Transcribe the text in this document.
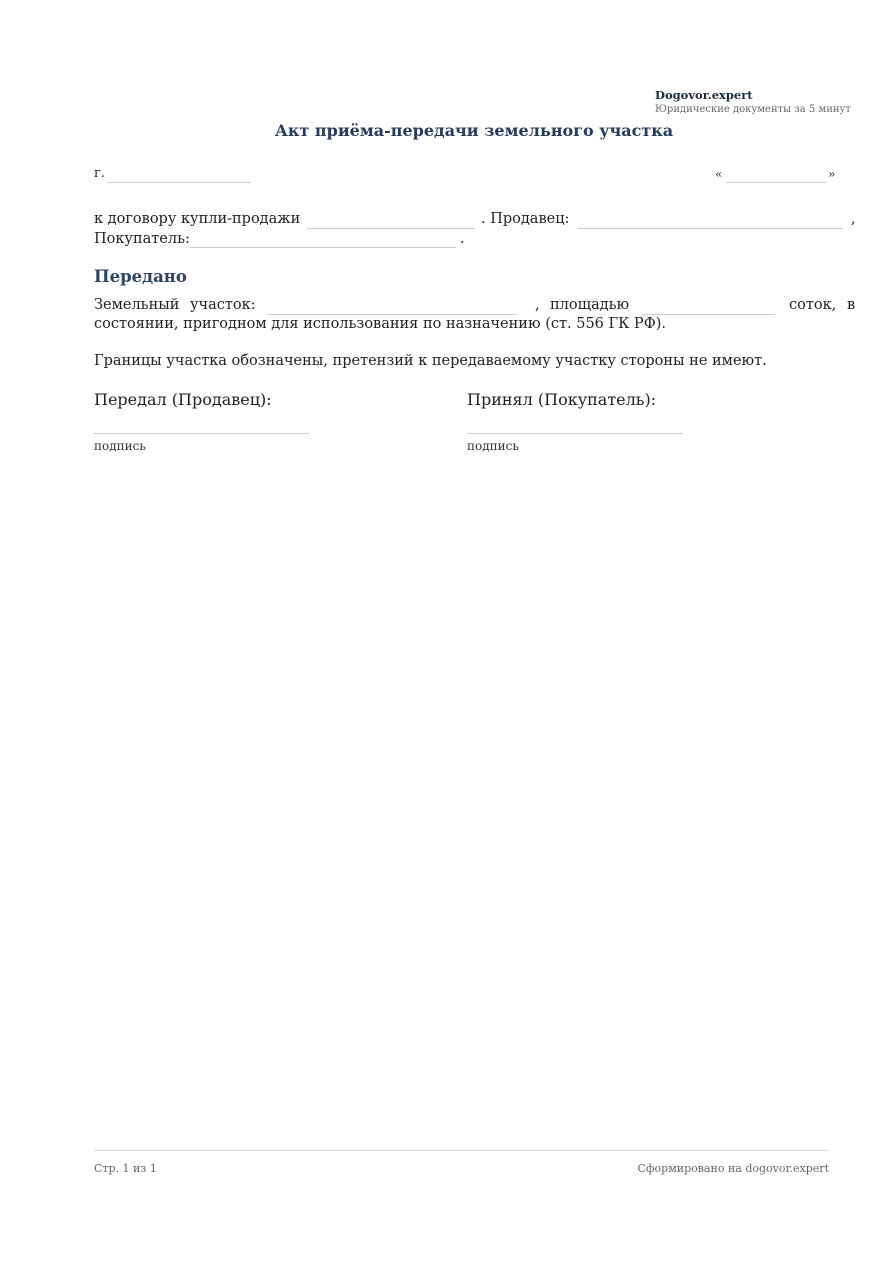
Dogovor.expert
Юридические документы за 5 минут
Акт приёма-передачи земельного участка
г.	«	»
к договору купли-продажи	. Продавец:	,
Покупатель:	.
Передано
Земельный участок:	, площадью	соток, в
состоянии, пригодном для использования по назначению (ст. 556 ГК РФ).
Границы участка обозначены, претензий к передаваемому участку стороны не имеют.
Передал (Продавец):
подпись
Принял (Покупатель):
подпись
Стр. 1 из 1	Сформировано на dogovor.expert
